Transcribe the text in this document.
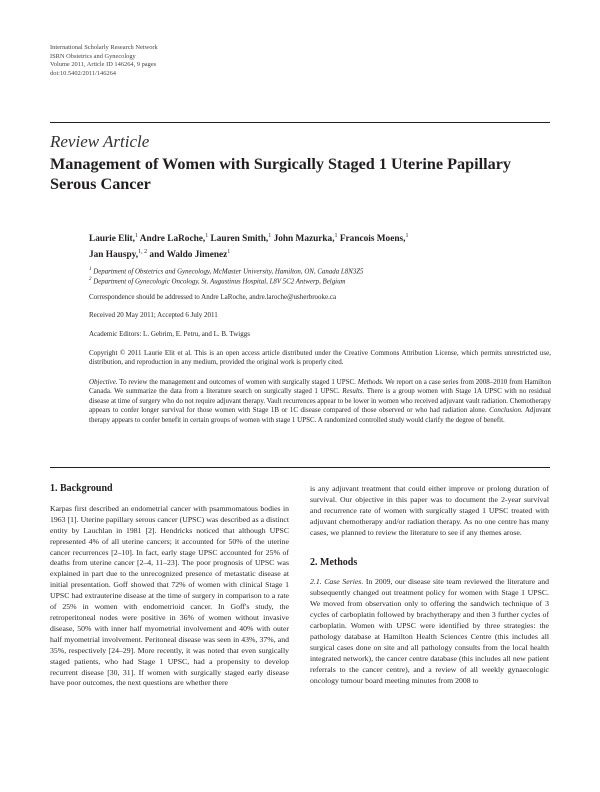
International Scholarly Research Network
ISRN Obstetrics and Gynecology
Volume 2011, Article ID 146264, 9 pages
doi:10.5402/2011/146264
Review Article
Management of Women with Surgically Staged 1 Uterine Papillary Serous Cancer
Laurie Elit,$^1$ Andre LaRoche,$^1$ Lauren Smith,$^1$ John Mazurka,$^1$ Francois Moens,$^1$
Jan Hauspy,$^{1, 2}$ and Waldo Jimenez$^1$
$^1$ Department of Obstetrics and Gynecology, McMaster University, Hamilton, ON, Canada L8N3Z5
$^2$ Department of Gynecologic Oncology, St. Augustinus Hospital, L8V 5C2 Antwerp, Belgium
Correspondence should be addressed to Andre LaRoche, andre.laroche@usherbrooke.ca
Received 20 May 2011; Accepted 6 July 2011
Academic Editors: L. Gebrim, E. Petru, and L. B. Twiggs
Copyright © 2011 Laurie Elit et al. This is an open access article distributed under the Creative Commons Attribution License, which permits unrestricted use, distribution, and reproduction in any medium, provided the original work is properly cited.
Objective. To review the management and outcomes of women with surgically staged 1 UPSC. Methods. We report on a case series from 2008–2010 from Hamilton Canada. We summarize the data from a literature search on surgically staged 1 UPSC. Results. There is a group women with Stage 1A UPSC with no residual disease at time of surgery who do not require adjuvant therapy. Vault recurrences appear to be lower in women who received adjuvant vault radiation. Chemotherapy appears to confer longer survival for those women with Stage 1B or 1C disease compared of those observed or who had radiation alone. Conclusion. Adjuvant therapy appears to confer benefit in certain groups of women with stage 1 UPSC. A randomized controlled study would clarify the degree of benefit.
1. Background

Karpas first described an endometrial cancer with psammomatous bodies in 1963 [1]. Uterine papillary serous cancer (UPSC) was described as a distinct entity by Lauchlan in 1981 [2]. Hendricks noticed that although UPSC represented 4% of all uterine cancers; it accounted for 50% of the uterine cancer recurrences [2–10]. In fact, early stage UPSC accounted for 25% of deaths from uterine cancer [2–4, 11–23]. The poor prognosis of UPSC was explained in part due to the unrecognized presence of metastatic disease at initial presentation. Goff showed that 72% of women with clinical Stage 1 UPSC had extrauterine disease at the time of surgery in comparison to a rate of 25% in women with endometrioid cancer. In Goff's study, the retroperitoneal nodes were positive in 36% of women without invasive disease, 50% with inner half myometrial involvement and 40% with outer half myometrial involvement. Peritoneal disease was seen in 43%, 37%, and 35%, respectively [24–29]. More recently, it was noted that even surgically staged patients, who had Stage 1 UPSC, had a propensity to develop recurrent disease [30, 31]. If women with surgically staged early disease have poor outcomes, the next questions are whether there

is any adjuvant treatment that could either improve or prolong duration of survival. Our objective in this paper was to document the 2-year survival and recurrence rate of women with surgically staged 1 UPSC treated with adjuvant chemotherapy and/or radiation therapy. As no one centre has many cases, we planned to review the literature to see if any themes arose.

2. Methods

2.1. Case Series. In 2009, our disease site team reviewed the literature and subsequently changed out treatment policy for women with Stage 1 UPSC. We moved from observation only to offering the sandwich technique of 3 cycles of carboplatin followed by brachytherapy and then 3 further cycles of carboplatin. Women with UPSC were identified by three strategies: the pathology database at Hamilton Health Sciences Centre (this includes all surgical cases done on site and all pathology consults from the local health integrated network), the cancer centre database (this includes all new patient referrals to the cancer centre), and a review of all weekly gynaecologic oncology tumour board meeting minutes from 2008 to
